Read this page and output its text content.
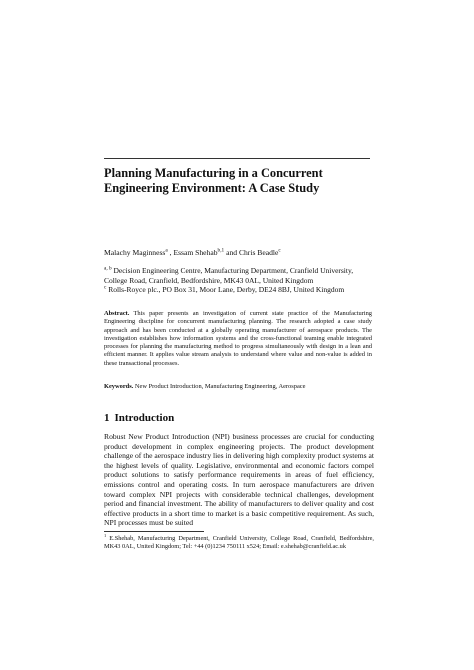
Planning Manufacturing in a Concurrent Engineering Environment: A Case Study
Malachy Maginness$^a$ , Essam Shehab$^{b,1}$ and Chris Beadle$^c$
$^{a, b}$ Decision Engineering Centre, Manufacturing Department, Cranfield University, College Road, Cranfield, Bedfordshire, MK43 0AL, United Kingdom
$^c$ Rolls-Royce plc., PO Box 31, Moor Lane, Derby, DE24 8BJ, United Kingdom
Abstract. This paper presents an investigation of current state practice of the Manufacturing Engineering discipline for concurrent manufacturing planning. The research adopted a case study approach and has been conducted at a globally operating manufacturer of aerospace products. The investigation establishes how information systems and the cross-functional teaming enable integrated processes for planning the manufacturing method to progress simultaneously with design in a lean and efficient manner. It applies value stream analysis to understand where value and non-value is added in these transactional processes.
Keywords. New Product Introduction, Manufacturing Engineering, Aerospace
1 Introduction
Robust New Product Introduction (NPI) business processes are crucial for conducting product development in complex engineering projects. The product development challenge of the aerospace industry lies in delivering high complexity product systems at the highest levels of quality. Legislative, environmental and economic factors compel product solutions to satisfy performance requirements in areas of fuel efficiency, emissions control and operating costs. In turn aerospace manufacturers are driven toward complex NPI projects with considerable technical challenges, development period and financial investment. The ability of manufacturers to deliver quality and cost effective products in a short time to market is a basic competitive requirement. As such, NPI processes must be suited
$^1$ E.Shehab, Manufacturing Department, Cranfield University, College Road, Cranfield, Bedfordshire, MK43 0AL, United Kingdom; Tel: +44 (0)1234 750111 x524; Email: e.shehab@cranfield.ac.uk
